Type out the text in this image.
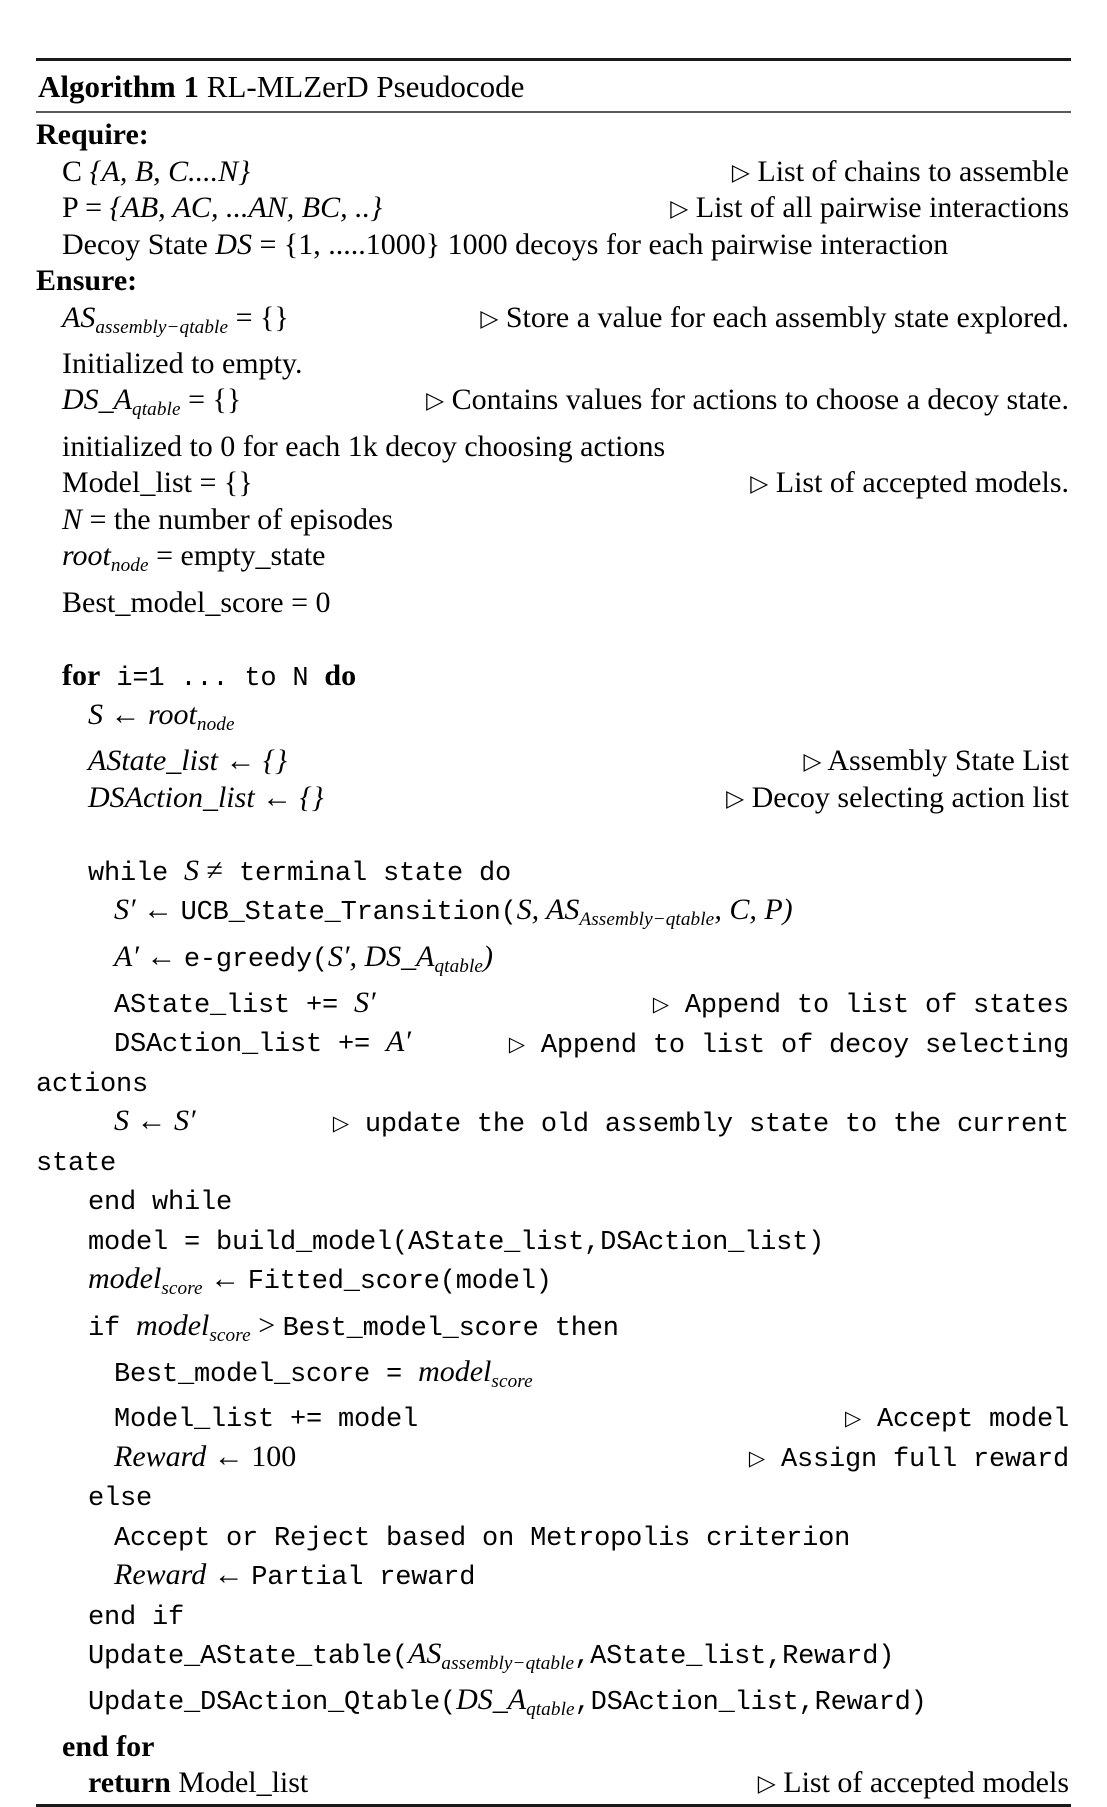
Algorithm 1 RL-MLZerD Pseudocode
Require:
C {A, B, C....N}	▷ List of chains to assemble
P = {AB, AC, ...AN, BC, ..}	▷ List of all pairwise interactions
Decoy State DS = {1, .....1000} 1000 decoys for each pairwise interaction
Ensure:
$AS_{assembly-qtable}$ = {}	▷ Store a value for each assembly state explored.
Initialized to empty.
$DS\_A_{qtable}$ = {}	▷ Contains values for actions to choose a decoy state.
initialized to 0 for each 1k decoy choosing actions
Model_list = {}	▷ List of accepted models.
N = the number of episodes
root$_{node}$ = empty_state
Best_model_score = 0
for i=1 ... to N do
S ← root$_{node}$
AState_list ← {}	▷ Assembly State List
DSAction_list ← {}	▷ Decoy selecting action list
while S ≠ terminal state do
S′ ← UCB_State_Transition(S, $AS_{Assembly-qtable}$, C, P)
A′ ← e-greedy(S′, $DS\_A_{qtable}$)
AState_list += S′	▷ Append to list of states
DSAction_list += A′	▷ Append to list of decoy selecting
actions
S ← S′	▷ update the old assembly state to the current
state
end while
model = build_model(AState_list,DSAction_list)
model$_{score}$ ← Fitted_score(model)
if model$_{score}$ > Best_model_score then
Best_model_score = model$_{score}$
Model_list += model	▷ Accept model
Reward ← 100	▷ Assign full reward
else
Accept or Reject based on Metropolis criterion
Reward ← Partial reward
end if
$Update\_AState\_table(AS_{assembly-qtable},AState\_list,Reward)$
$Update\_DSAction\_Qtable(DS\_A_{qtable},DSAction\_list,Reward)$
end for
return Model_list	▷ List of accepted models
